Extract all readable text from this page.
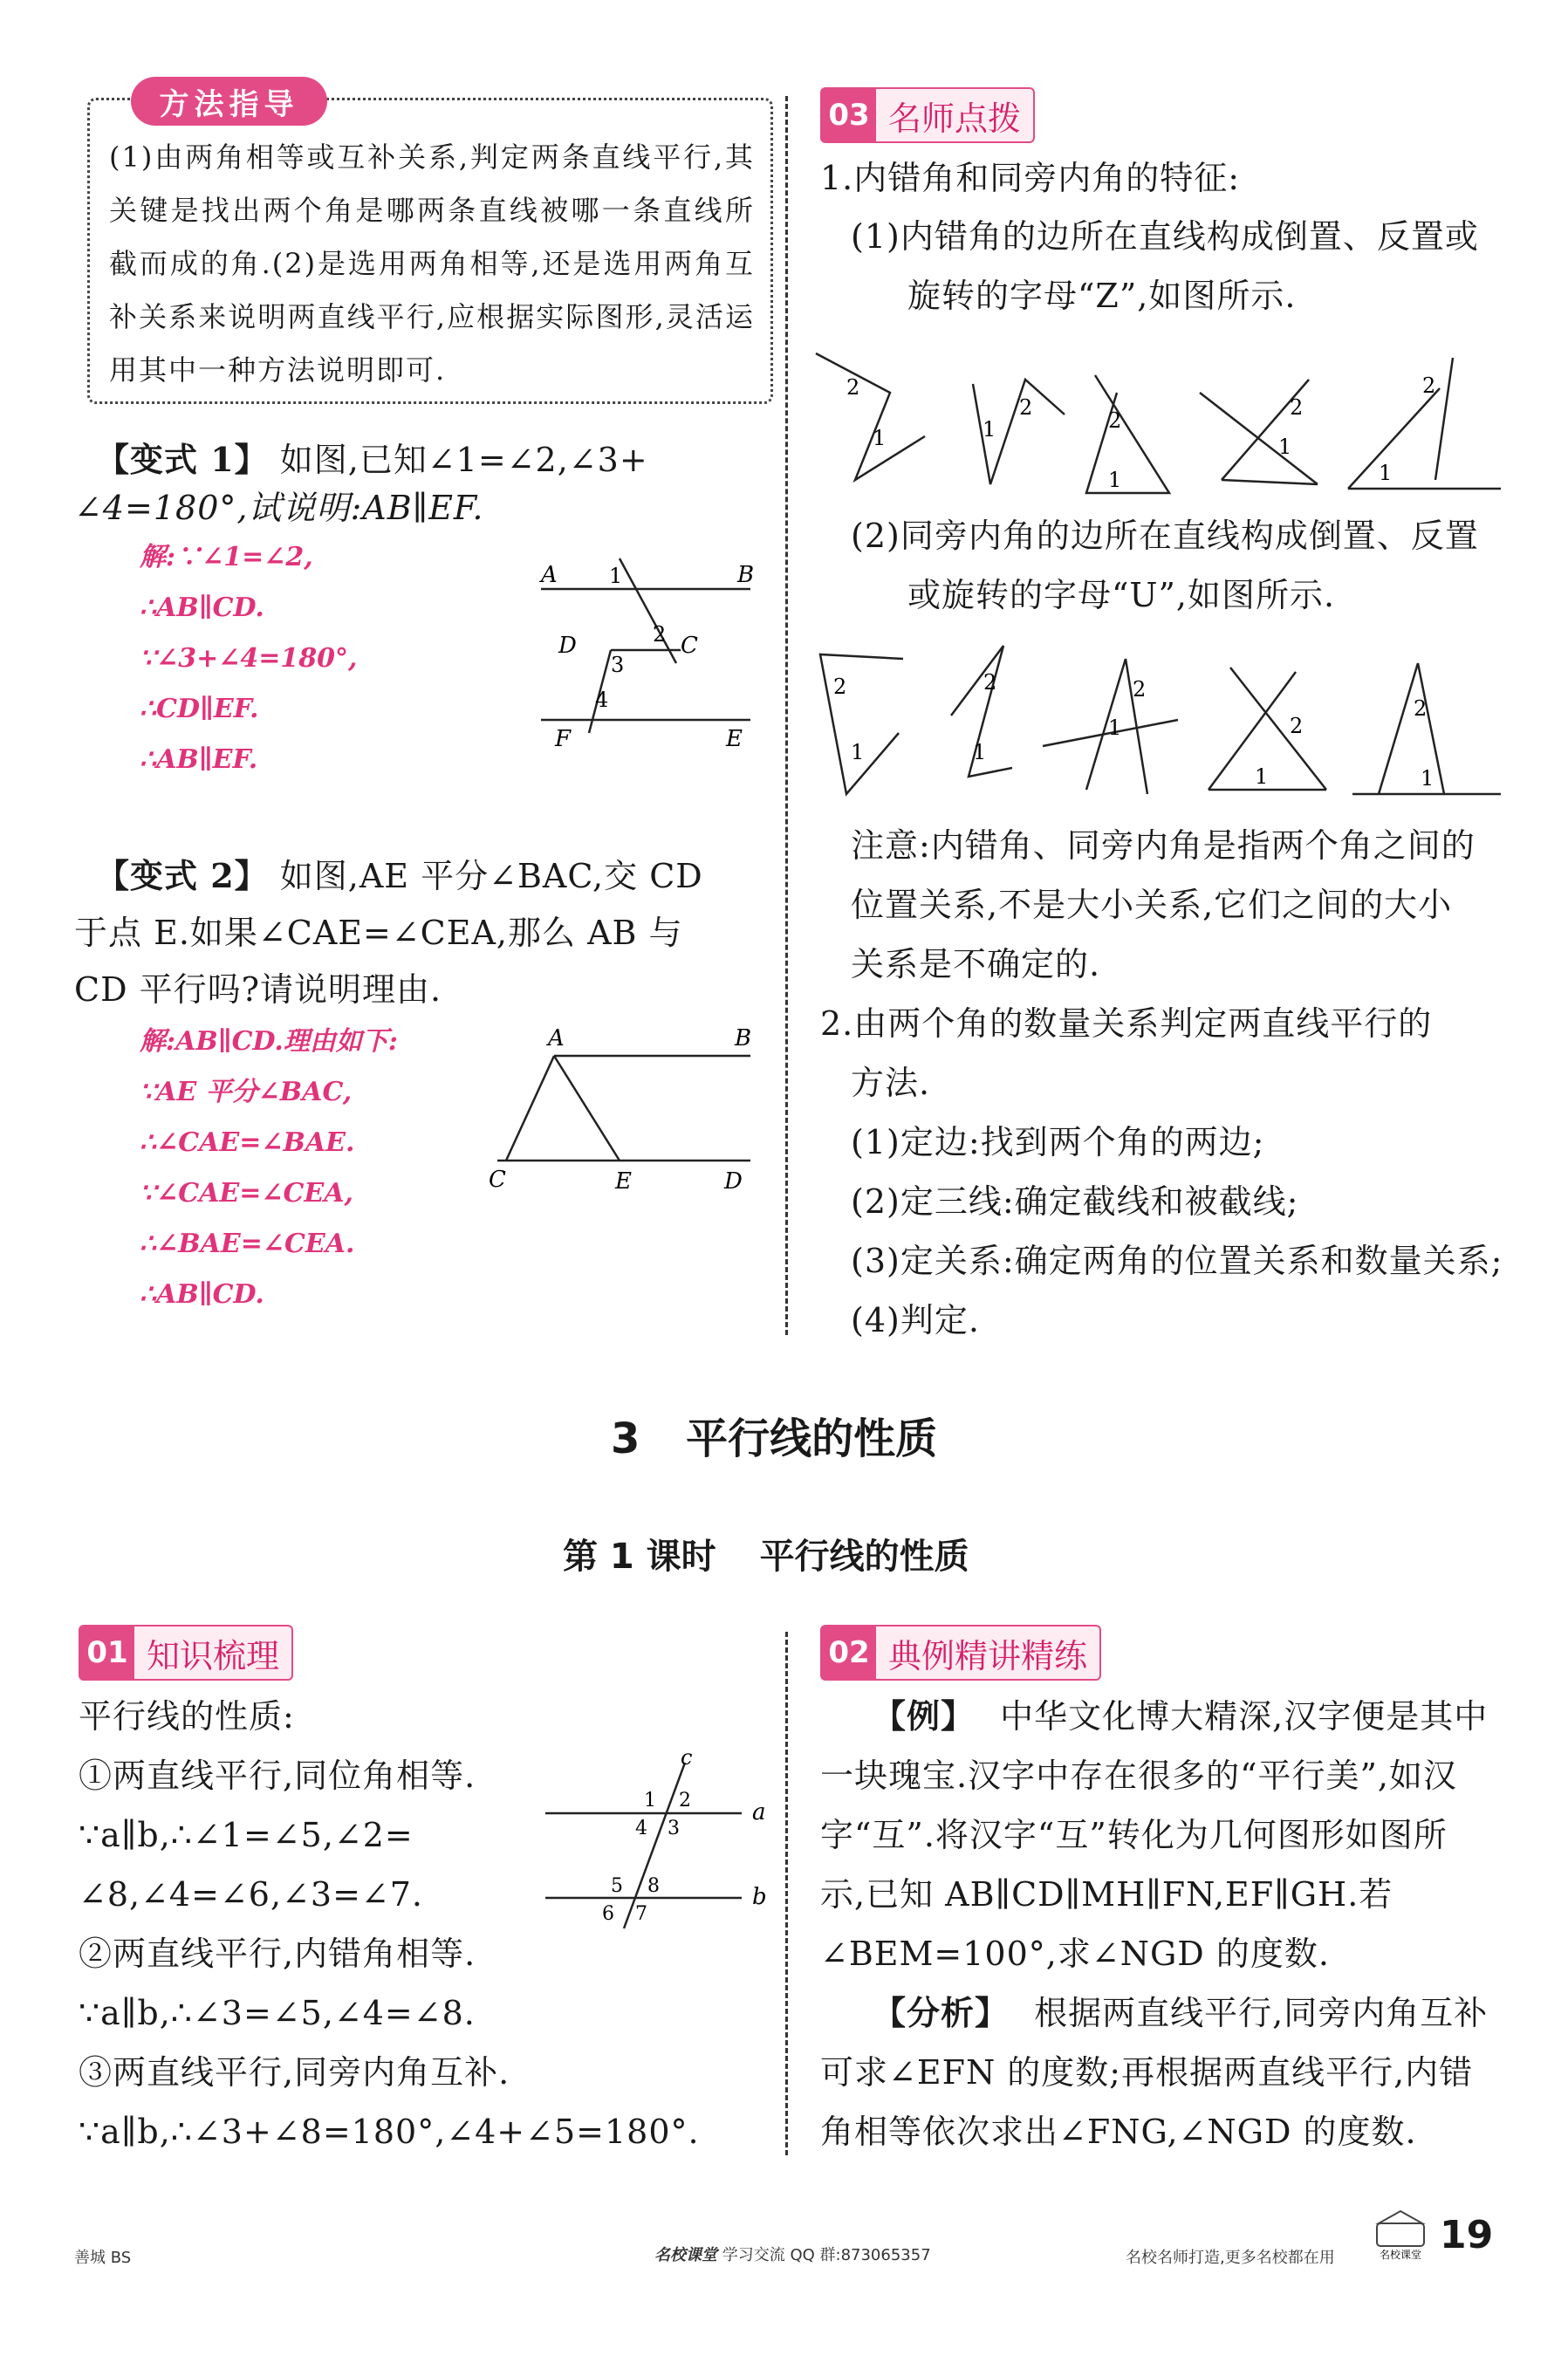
方法指导
(1)由两角相等或互补关系,判定两条直线平行,其关键是找出两个角是哪两条直线被哪一条直线所截而成的角.(2)是选用两角相等,还是选用两角互补关系来说明两直线平行,应根据实际图形,灵活运用其中一种方法说明即可.
【变式 1】 如图,已知∠1=∠2,∠3+
∠4=180°,试说明:AB∥EF.
解:∵∠1=∠2,
∴AB∥CD.
∵∠3+∠4=180°,
∴CD∥EF.
∴AB∥EF.
A	B
C
D
E
F
1
2
3
4
【变式 2】 如图,AE 平分∠BAC,交 CD
于点 E.如果∠CAE=∠CEA,那么 AB 与
CD 平行吗?请说明理由.
解:AB∥CD.理由如下:
∵AE 平分∠BAC,
∴∠CAE=∠BAE.
∵∠CAE=∠CEA,
∴∠BAE=∠CEA.
∴AB∥CD.
A	B
C	E	D
03 名师点拨
1.内错角和同旁内角的特征:
(1)内错角的边所在直线构成倒置、反置或
旋转的字母“Z”,如图所示.
2
1	1
2
2
1
2
1
2
1
(2)同旁内角的边所在直线构成倒置、反置
或旋转的字母“U”,如图所示.
2
1
2
1
2
1	2
1
2
1
注意:内错角、同旁内角是指两个角之间的
位置关系,不是大小关系,它们之间的大小
关系是不确定的.
2.由两个角的数量关系判定两直线平行的
方法.
(1)定边:找到两个角的两边;
(2)定三线:确定截线和被截线;
(3)定关系:确定两角的位置关系和数量关系;
(4)判定.
3 平行线的性质
第 1 课时 平行线的性质
01 知识梳理
平行线的性质:
①两直线平行,同位角相等.
∵a∥b,∴∠1=∠5,∠2=
∠8,∠4=∠6,∠3=∠7.
②两直线平行,内错角相等.
∵a∥b,∴∠3=∠5,∠4=∠8.
③两直线平行,同旁内角互补.
∵a∥b,∴∠3+∠8=180°,∠4+∠5=180°.
a
b
c
1 2
3
4
5 8
6 7
02 典例精讲精练
【例】 中华文化博大精深,汉字便是其中
一块瑰宝.汉字中存在很多的“平行美”,如汉
字“互”.将汉字“互”转化为几何图形如图所
示,已知 AB∥CD∥MH∥FN,EF∥GH.若
∠BEM=100°,求∠NGD 的度数.
【分析】 根据两直线平行,同旁内角互补
可求∠EFN 的度数;再根据两直线平行,内错
角相等依次求出∠FNG,∠NGD 的度数.
善城 BS	名校课堂 学习交流 QQ 群:873065357	名校名师打造,更多名校都在用	名校课堂 19
